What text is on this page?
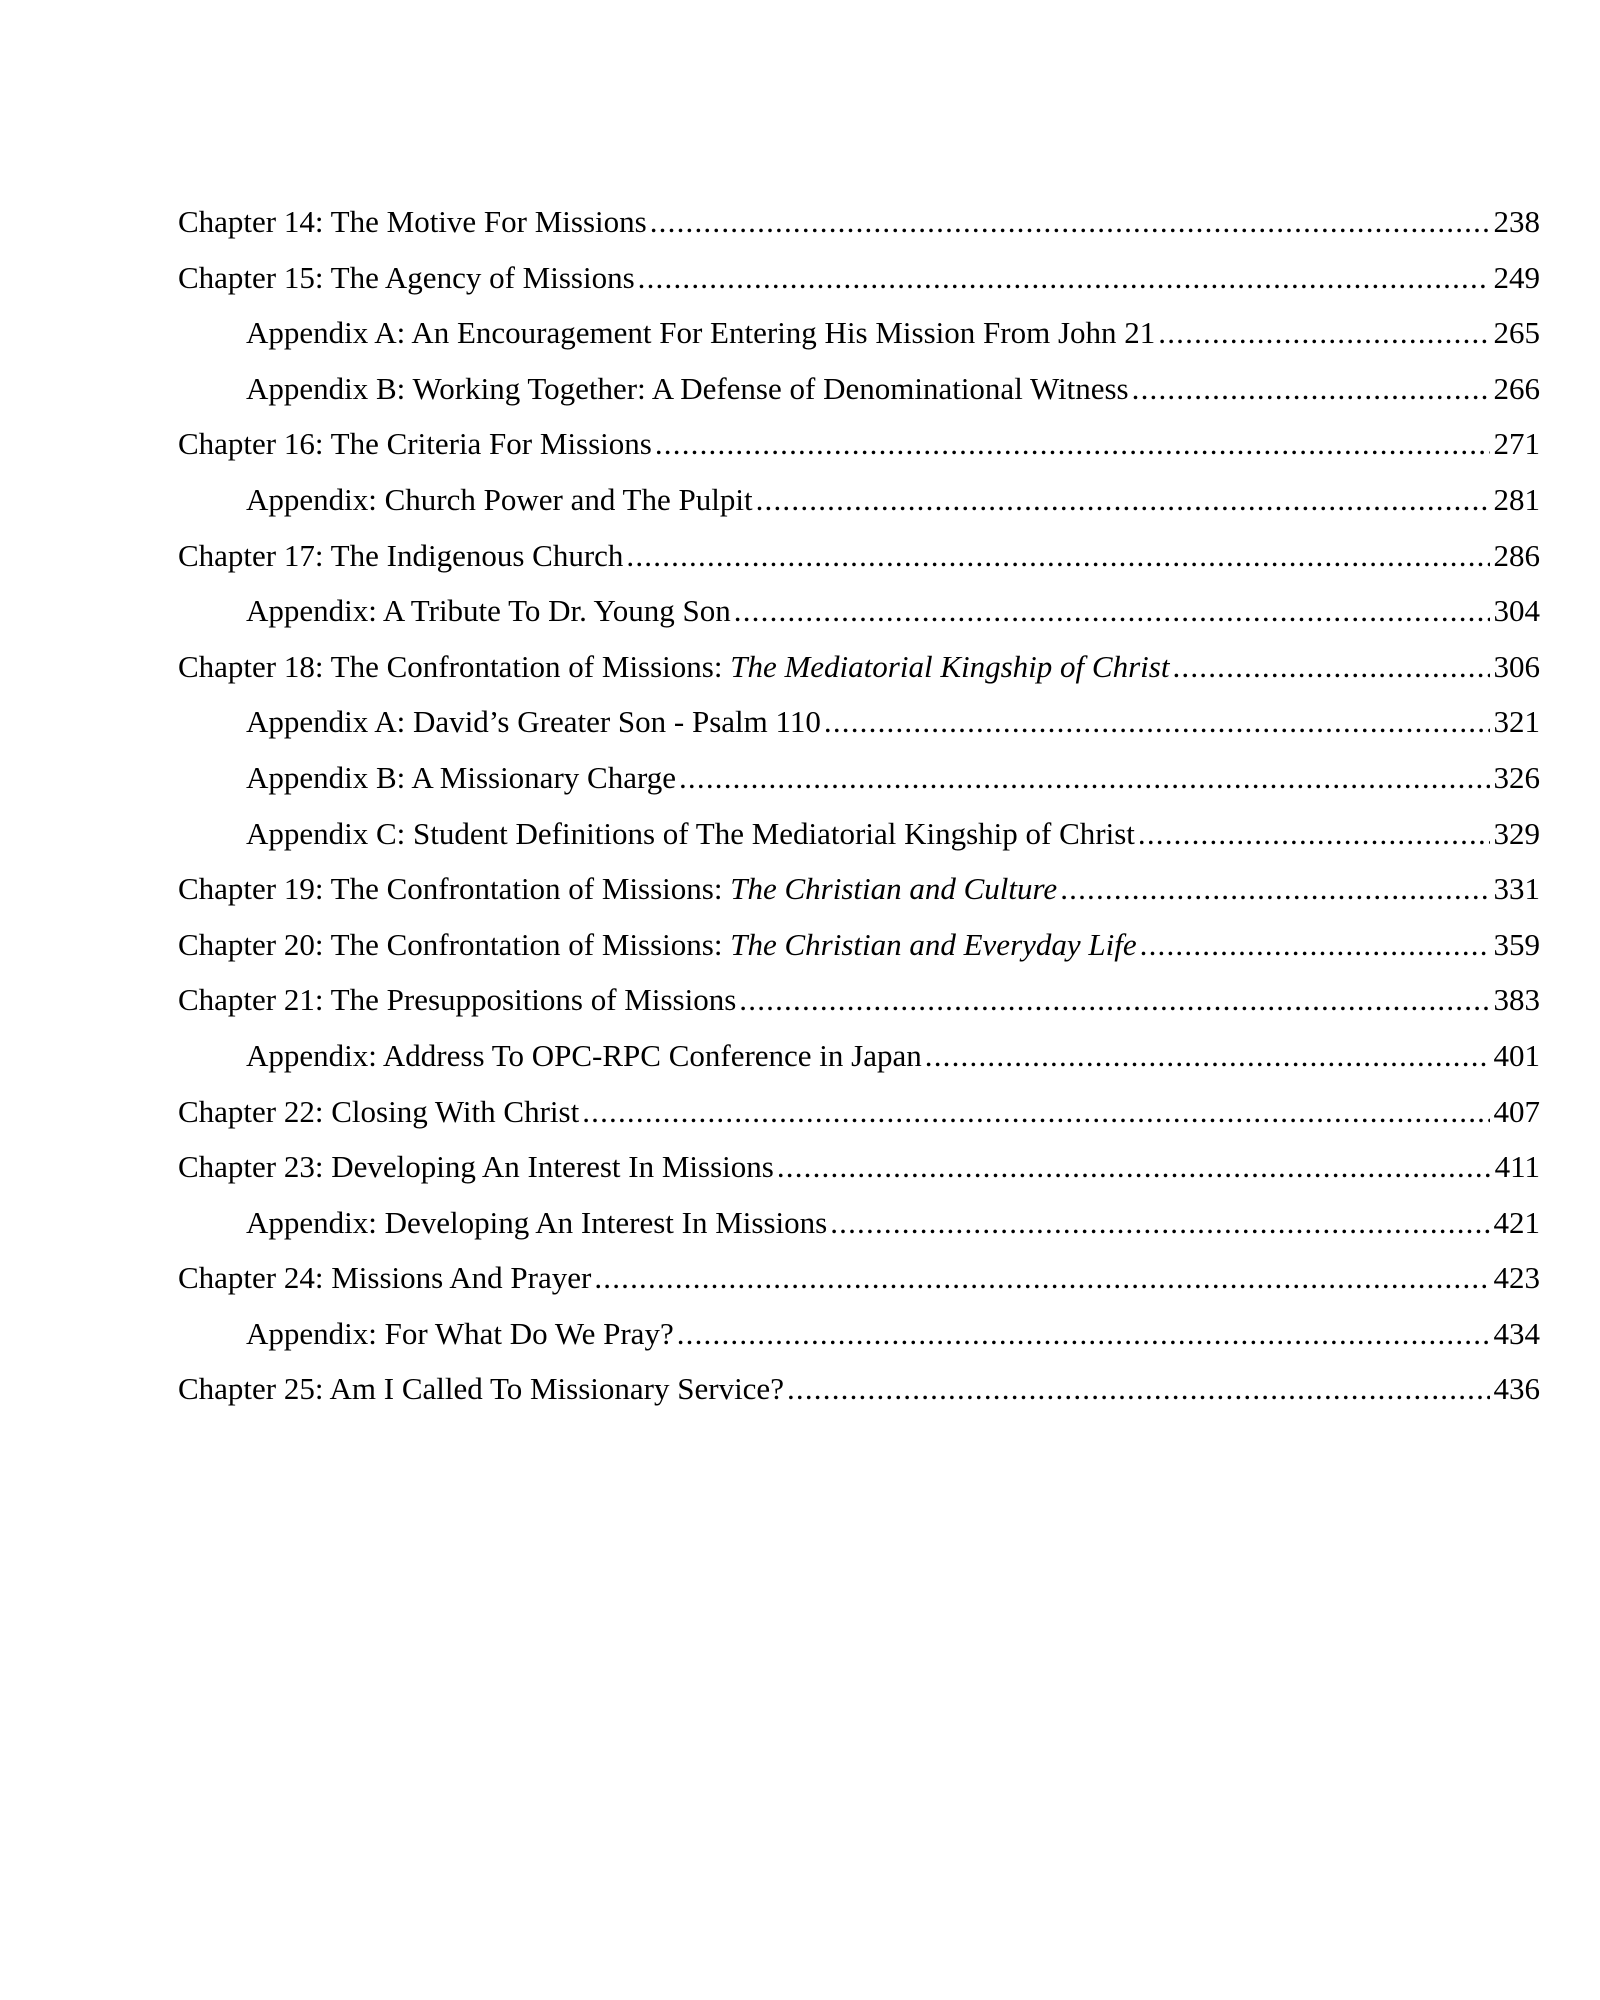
Chapter 14: The Motive For Missions .....	238
Chapter 15: The Agency of Missions .....	249
Appendix A: An Encouragement For Entering His Mission From John 21 .....	265
Appendix B: Working Together: A Defense of Denominational Witness .....	266
Chapter 16: The Criteria For Missions .....	271
Appendix: Church Power and The Pulpit .....	281
Chapter 17: The Indigenous Church .....	286
Appendix: A Tribute To Dr. Young Son .....	304
Chapter 18: The Confrontation of Missions: The Mediatorial Kingship of Christ .....	306
Appendix A: David’s Greater Son - Psalm 110 .....	321
Appendix B: A Missionary Charge .....	326
Appendix C: Student Definitions of The Mediatorial Kingship of Christ .....	329
Chapter 19: The Confrontation of Missions: The Christian and Culture .....	331
Chapter 20: The Confrontation of Missions: The Christian and Everyday Life .....	359
Chapter 21: The Presuppositions of Missions .....	383
Appendix: Address To OPC-RPC Conference in Japan .....	401
Chapter 22: Closing With Christ .....	407
Chapter 23: Developing An Interest In Missions .....	411
Appendix: Developing An Interest In Missions .....	421
Chapter 24: Missions And Prayer .....	423
Appendix: For What Do We Pray? .....	434
Chapter 25: Am I Called To Missionary Service? .....	436
